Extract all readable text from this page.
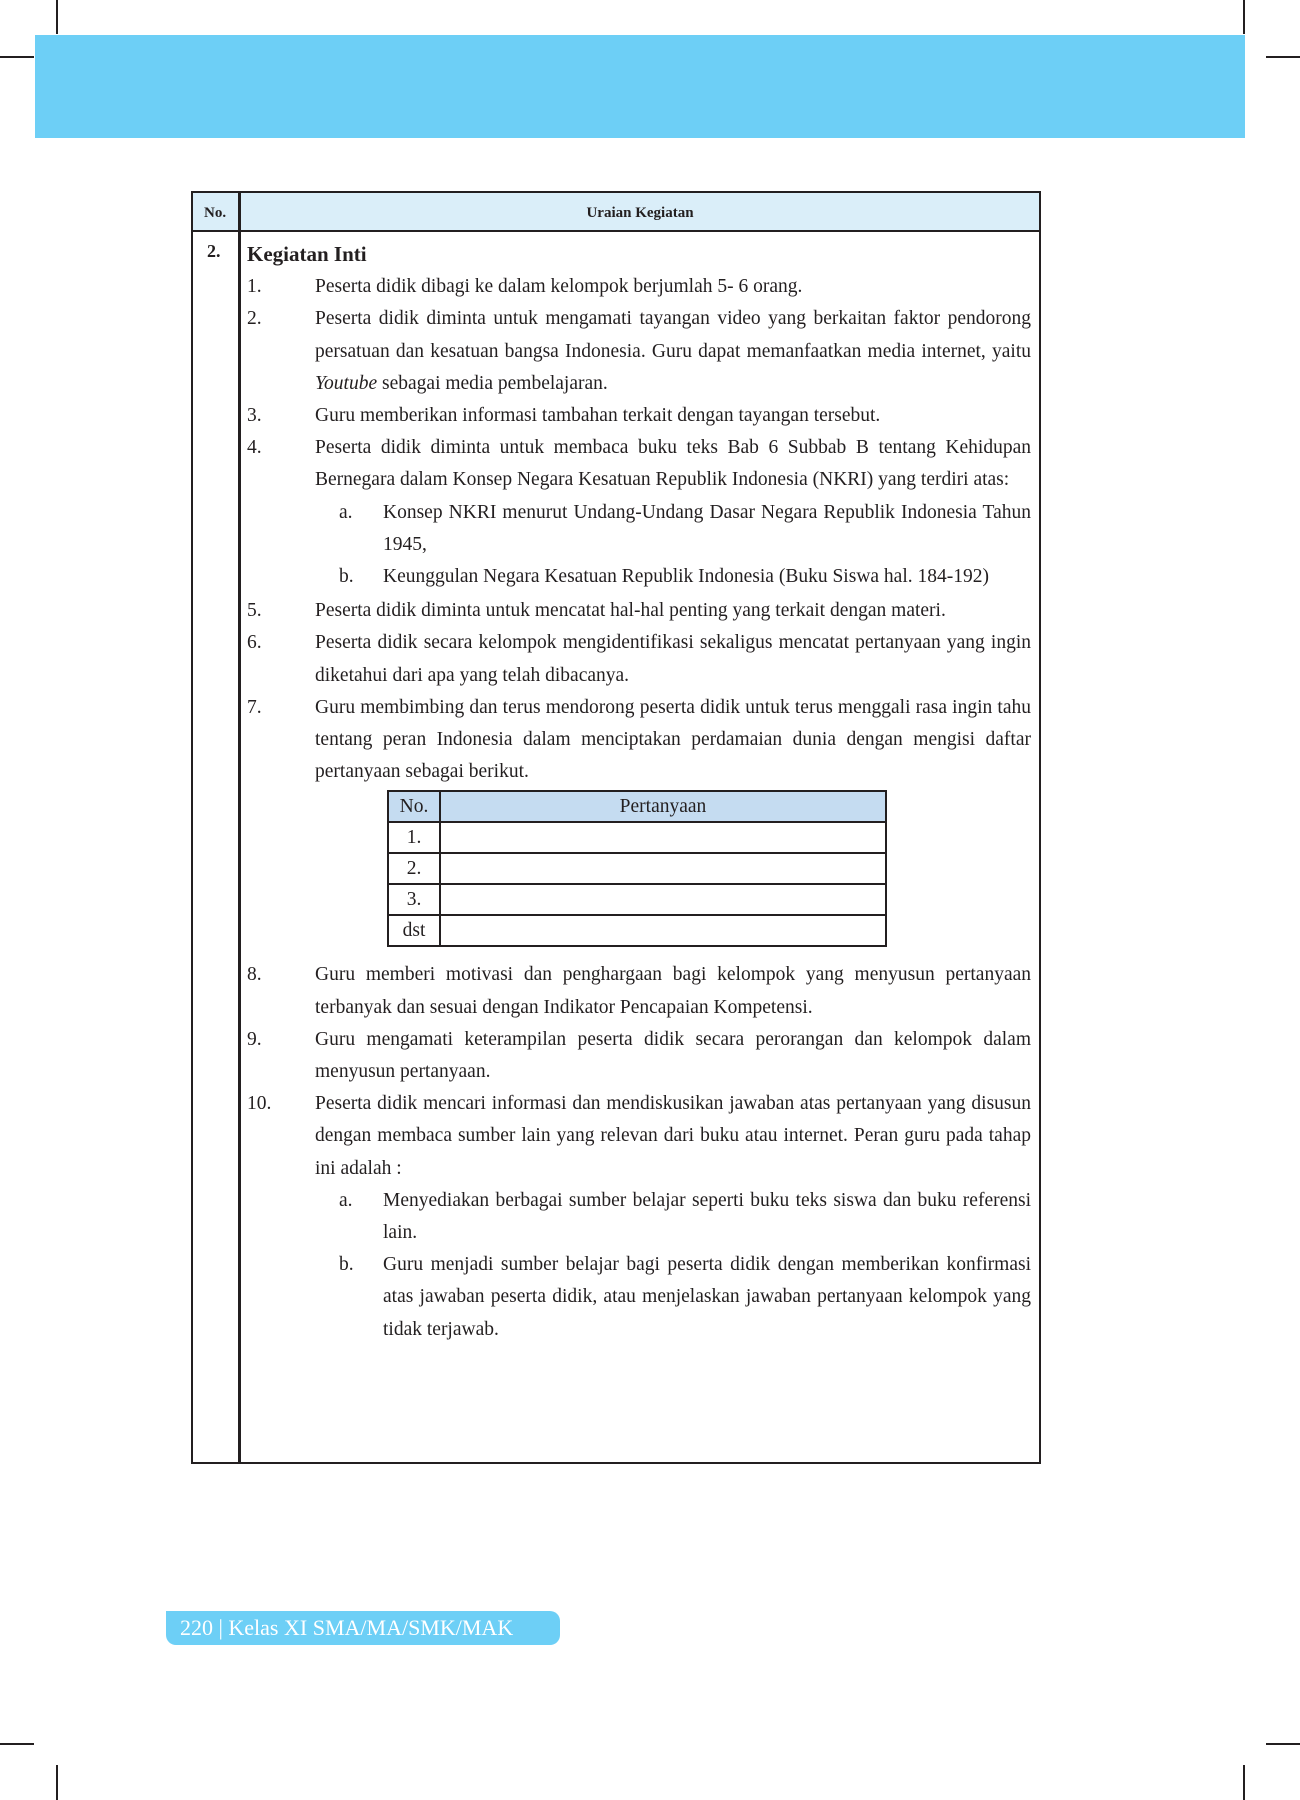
No.	Uraian Kegiatan
2. Kegiatan Inti
1.	Peserta didik dibagi ke dalam kelompok berjumlah 5- 6 orang.
2.	Peserta didik diminta untuk mengamati tayangan video yang berkaitan faktor pendorong persatuan dan kesatuan bangsa Indonesia. Guru dapat memanfaatkan media internet, yaitu Youtube sebagai media pembelajaran.
3.	Guru memberikan informasi tambahan terkait dengan tayangan tersebut.
4.	Peserta didik diminta untuk membaca buku teks Bab 6 Subbab B tentang Kehidupan Bernegara dalam Konsep Negara Kesatuan Republik Indonesia (NKRI) yang terdiri atas:
a.	Konsep NKRI menurut Undang-Undang Dasar Negara Republik Indonesia Tahun 1945,
b.	Keunggulan Negara Kesatuan Republik Indonesia (Buku Siswa hal. 184-192)
5.	Peserta didik diminta untuk mencatat hal-hal penting yang terkait dengan materi.
6.	Peserta didik secara kelompok mengidentifikasi sekaligus mencatat pertanyaan yang ingin diketahui dari apa yang telah dibacanya.
7.	Guru membimbing dan terus mendorong peserta didik untuk terus menggali rasa ingin tahu tentang peran Indonesia dalam menciptakan perdamaian dunia dengan mengisi daftar pertanyaan sebagai berikut.
No.	Pertanyaan
1.	
2.	
3.	
dst	
8.	Guru memberi motivasi dan penghargaan bagi kelompok yang menyusun pertanyaan terbanyak dan sesuai dengan Indikator Pencapaian Kompetensi.
9.	Guru mengamati keterampilan peserta didik secara perorangan dan kelompok dalam menyusun pertanyaan.
10.	Peserta didik mencari informasi dan mendiskusikan jawaban atas pertanyaan yang disusun dengan membaca sumber lain yang relevan dari buku atau internet. Peran guru pada tahap ini adalah :
a.	Menyediakan berbagai sumber belajar seperti buku teks siswa dan buku referensi lain.
b.	Guru menjadi sumber belajar bagi peserta didik dengan memberikan konfirmasi atas jawaban peserta didik, atau menjelaskan jawaban pertanyaan kelompok yang tidak terjawab.
220 | Kelas XI SMA/MA/SMK/MAK
